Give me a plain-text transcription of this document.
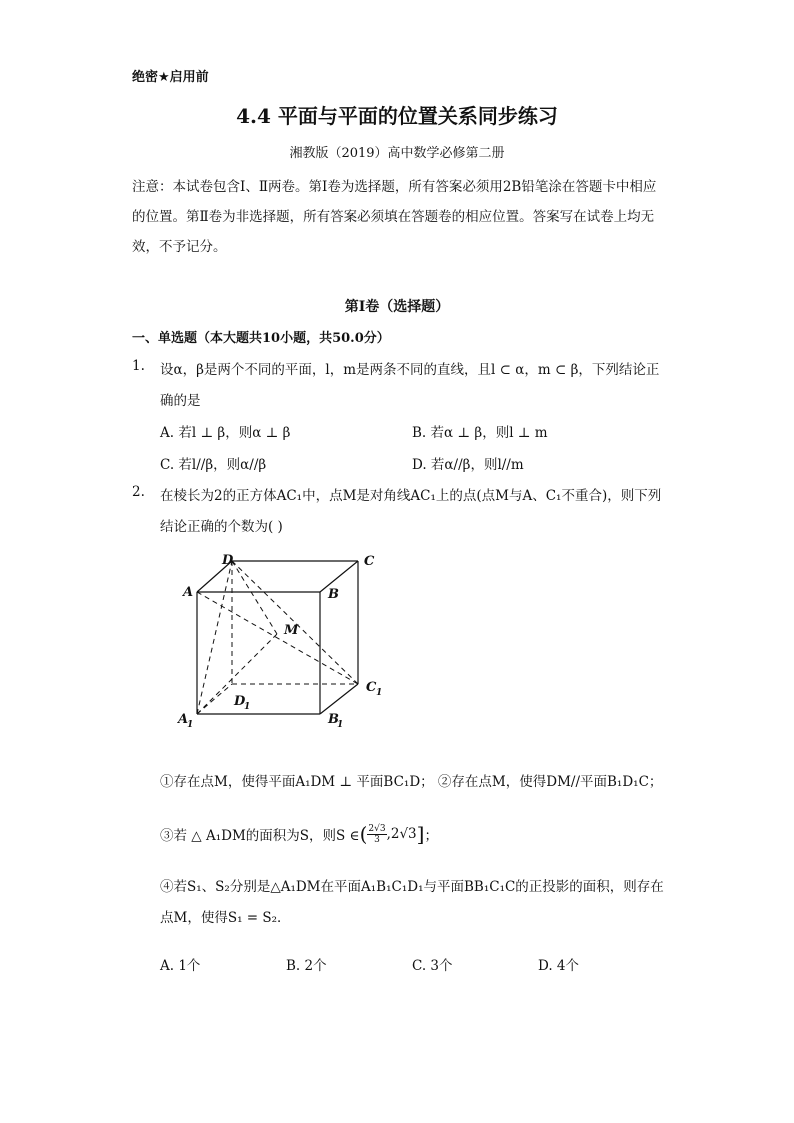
绝密★启用前
4.4 平面与平面的位置关系同步练习
湘教版（2019）高中数学必修第二册
注意：本试卷包含Ⅰ、Ⅱ两卷。第Ⅰ卷为选择题，所有答案必须用2B铅笔涂在答题卡中相应的位置。第Ⅱ卷为非选择题，所有答案必须填在答题卷的相应位置。答案写在试卷上均无效，不予记分。
第Ⅰ卷（选择题）
一、单选题（本大题共10小题，共50.0分）
1. 设α，β是两个不同的平面，l，m是两条不同的直线，且l ⊂ α，m ⊂ β，下列结论正
确的是
A. 若l ⊥ β，则α ⊥ β	B. 若α ⊥ β，则l ⊥ m
C. 若l//β，则α//β	D. 若α//β，则l//m
2. 在棱长为2的正方体AC₁中，点M是对角线AC₁上的点(点M与A、C₁不重合)，则下列
结论正确的个数为( )
A	B
C
D
M
A
1	B
1
C 1
D
1
①存在点M，使得平面A₁DM ⊥ 平面BC₁D； ②存在点M，使得DM//平面B₁D₁C；
③若 △ A₁DM的面积为S，则S ∈ ( $\frac{2√3}{3} ,2√3$ ] ；
④若S₁、S₂分别是△A₁DM在平面A₁B₁C₁D₁与平面BB₁C₁C的正投影的面积，则存在
点M，使得S₁ = S₂．
A. 1个	B. 2个	C. 3个	D. 4个
